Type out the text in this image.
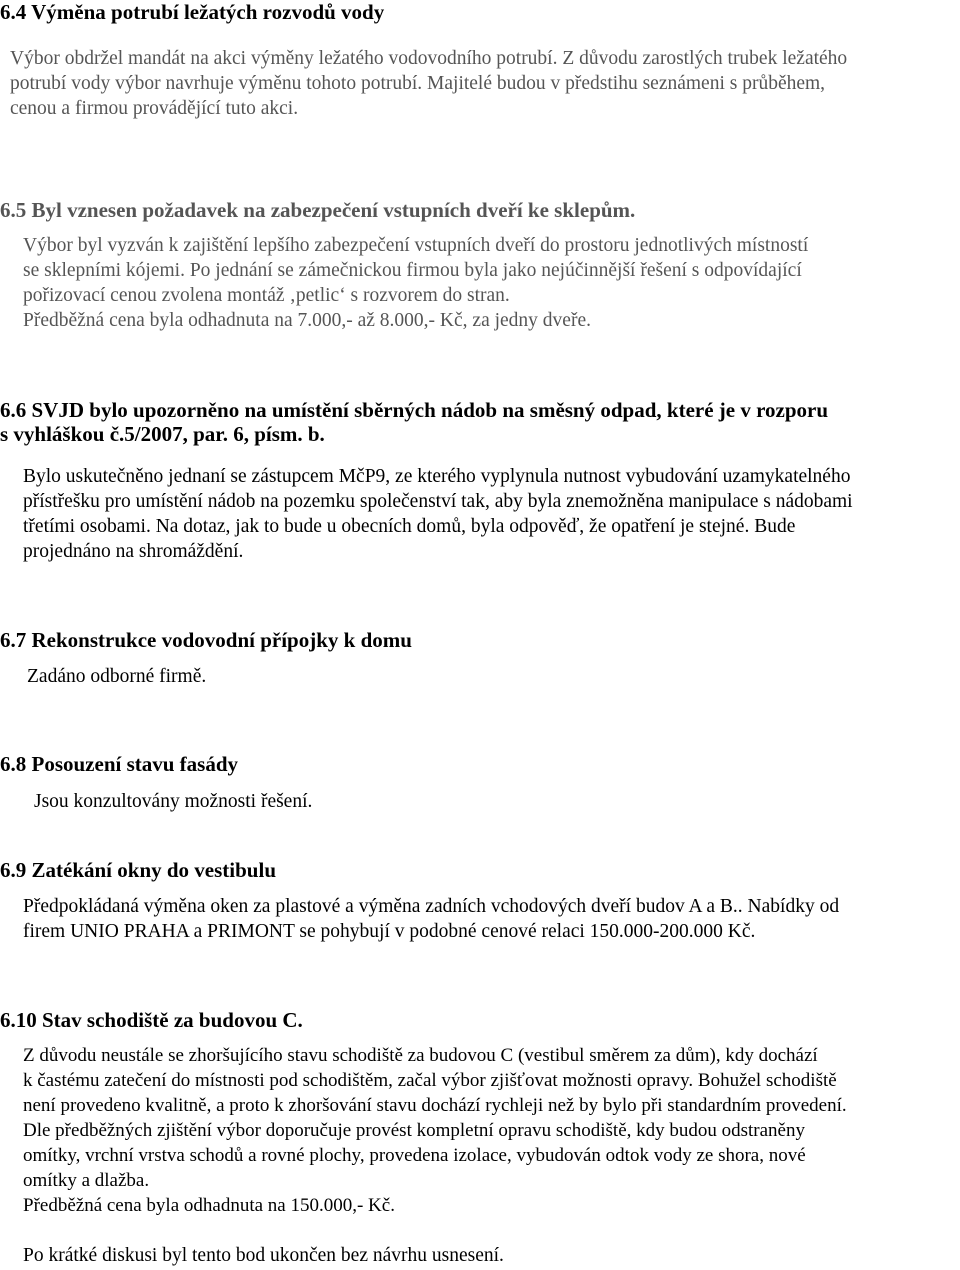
6.4 Výměna potrubí ležatých rozvodů vody
Výbor obdržel mandát na akci výměny ležatého vodovodního potrubí. Z důvodu zarostlých trubek ležatého
potrubí vody výbor navrhuje výměnu tohoto potrubí. Majitelé budou v předstihu seznámeni s průběhem,
cenou a firmou provádějící tuto akci.
6.5 Byl vznesen požadavek na zabezpečení vstupních dveří ke sklepům.
Výbor byl vyzván k zajištění lepšího zabezpečení vstupních dveří do prostoru jednotlivých místností
se sklepními kójemi. Po jednání se zámečnickou firmou byla jako nejúčinnější řešení s odpovídající
pořizovací cenou zvolena montáž ‚petlic‘ s rozvorem do stran.
Předběžná cena byla odhadnuta na 7.000,- až 8.000,- Kč, za jedny dveře.
6.6 SVJD bylo upozorněno na umístění sběrných nádob na směsný odpad, které je v rozporu
s vyhláškou č.5/2007, par. 6, písm. b.
Bylo uskutečněno jednaní se zástupcem MčP9, ze kterého vyplynula nutnost vybudování uzamykatelného
přístřešku pro umístění nádob na pozemku společenství tak, aby byla znemožněna manipulace s nádobami
třetími osobami. Na dotaz, jak to bude u obecních domů, byla odpověď, že opatření je stejné. Bude
projednáno na shromáždění.
6.7 Rekonstrukce vodovodní přípojky k domu
Zadáno odborné firmě.
6.8 Posouzení stavu fasády
Jsou konzultovány možnosti řešení.
6.9 Zatékání okny do vestibulu
Předpokládaná výměna oken za plastové a výměna zadních vchodových dveří budov A a B.. Nabídky od
firem UNIO PRAHA a PRIMONT se pohybují v podobné cenové relaci 150.000-200.000 Kč.
6.10 Stav schodiště za budovou C.
Z důvodu neustále se zhoršujícího stavu schodiště za budovou C (vestibul směrem za dům), kdy dochází
k častému zatečení do místnosti pod schodištěm, začal výbor zjišťovat možnosti opravy. Bohužel schodiště
není provedeno kvalitně, a proto k zhoršování stavu dochází rychleji než by bylo při standardním provedení.
Dle předběžných zjištění výbor doporučuje provést kompletní opravu schodiště, kdy budou odstraněny
omítky, vrchní vrstva schodů a rovné plochy, provedena izolace, vybudován odtok vody ze shora, nové
omítky a dlažba.
Předběžná cena byla odhadnuta na 150.000,- Kč.
Po krátké diskusi byl tento bod ukončen bez návrhu usnesení.
